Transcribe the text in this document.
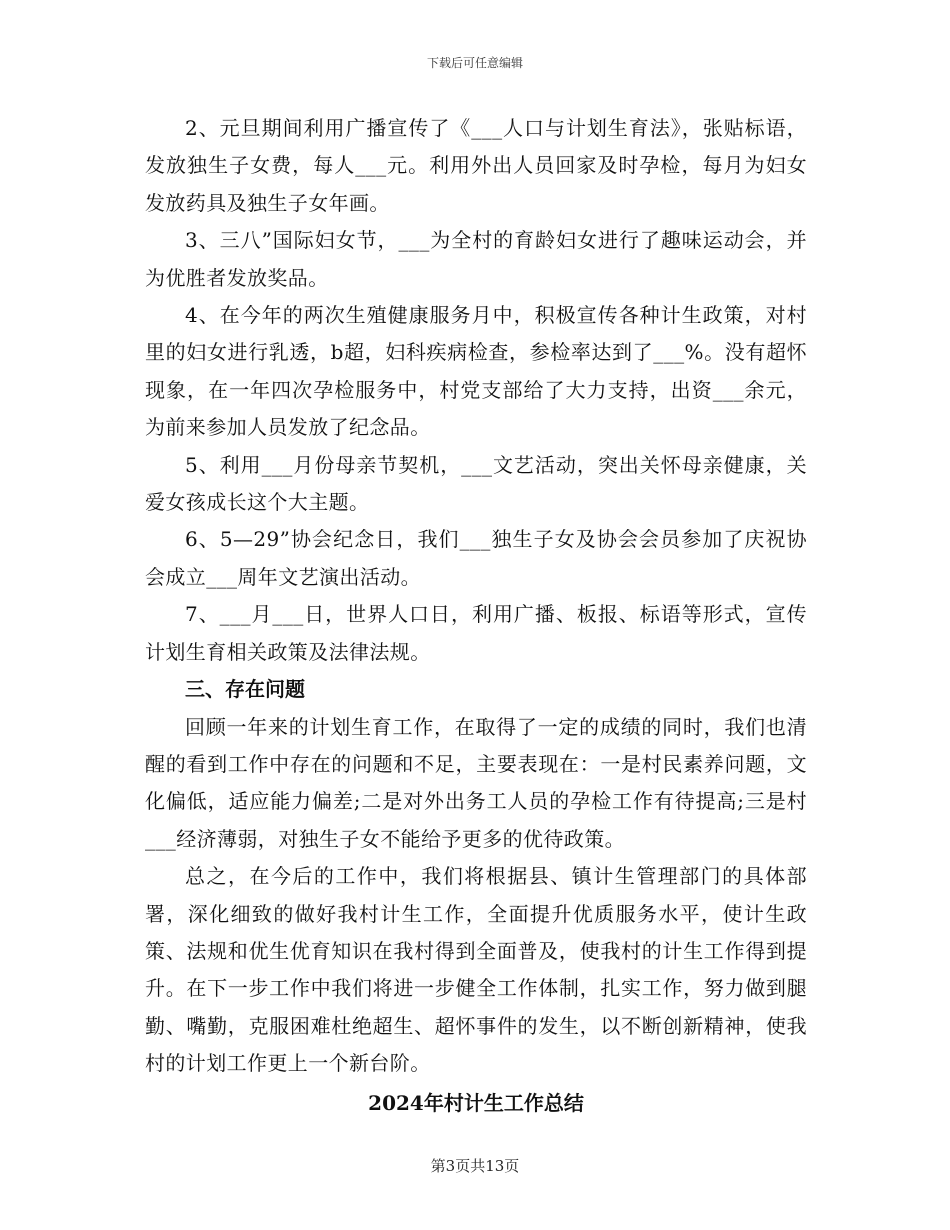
下载后可任意编辑

2、元旦期间利用广播宣传了《___人口与计划生育法》，张贴标语，发放独生子女费，每人___元。利用外出人员回家及时孕检，每月为妇女发放药具及独生子女年画。

3、三八”国际妇女节，___为全村的育龄妇女进行了趣味运动会，并为优胜者发放奖品。

4、在今年的两次生殖健康服务月中，积极宣传各种计生政策，对村里的妇女进行乳透，b超，妇科疾病检查，参检率达到了___%。没有超怀现象，在一年四次孕检服务中，村党支部给了大力支持，出资___余元，为前来参加人员发放了纪念品。

5、利用___月份母亲节契机，___文艺活动，突出关怀母亲健康，关爱女孩成长这个大主题。

6、5—29”协会纪念日，我们___独生子女及协会会员参加了庆祝协会成立___周年文艺演出活动。

7、___月___日，世界人口日，利用广播、板报、标语等形式，宣传计划生育相关政策及法律法规。

三、存在问题

回顾一年来的计划生育工作，在取得了一定的成绩的同时，我们也清醒的看到工作中存在的问题和不足，主要表现在：一是村民素养问题，文化偏低，适应能力偏差;二是对外出务工人员的孕检工作有待提高;三是村___经济薄弱，对独生子女不能给予更多的优待政策。

总之，在今后的工作中，我们将根据县、镇计生管理部门的具体部署，深化细致的做好我村计生工作，全面提升优质服务水平，使计生政策、法规和优生优育知识在我村得到全面普及，使我村的计生工作得到提升。在下一步工作中我们将进一步健全工作体制，扎实工作，努力做到腿勤、嘴勤，克服困难杜绝超生、超怀事件的发生，以不断创新精神，使我村的计划工作更上一个新台阶。

2024年村计生工作总结

第3页共13页
